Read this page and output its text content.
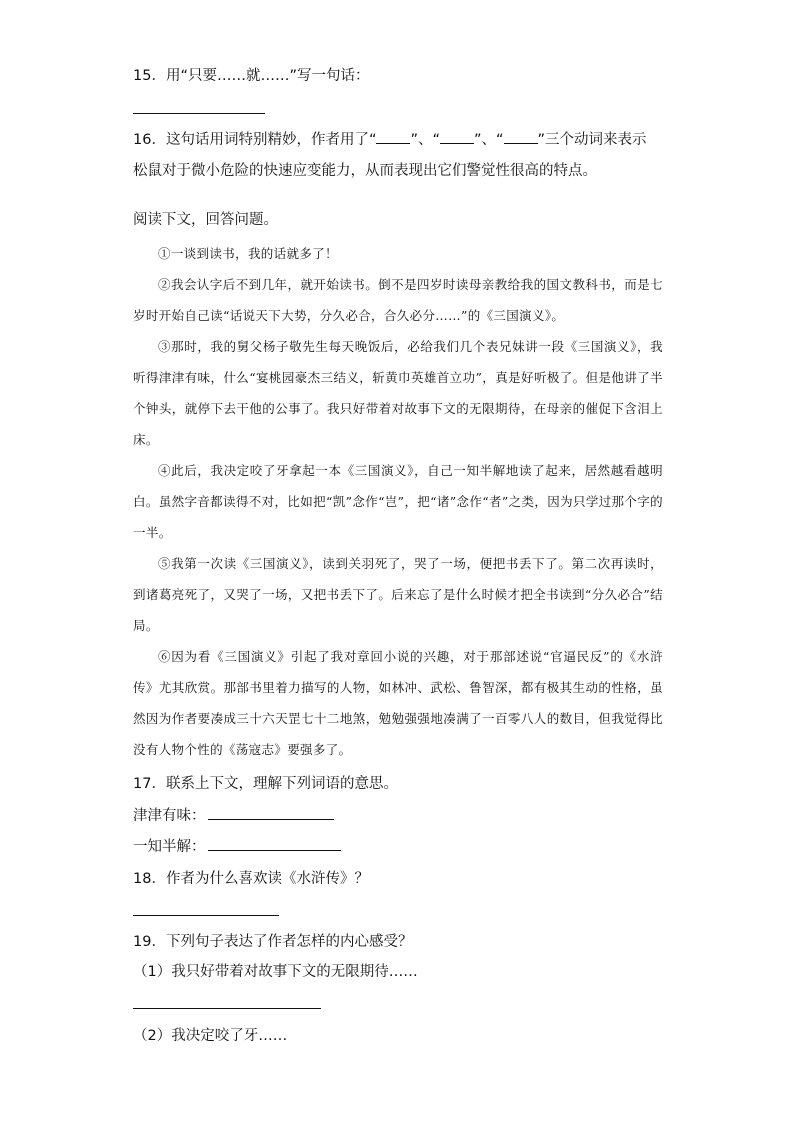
15．用“只要……就……”写一句话：
16．这句话用词特别精妙，作者用了“ ”、“ ”、“ ”三个动词来表示
松鼠对于微小危险的快速应变能力，从而表现出它们警觉性很高的特点。
阅读下文，回答问题。

①一谈到读书，我的话就多了！

②我会认字后不到几年，就开始读书。倒不是四岁时读母亲教给我的国文教科书，而是七岁时开始自己读“话说天下大势，分久必合，合久必分……”的《三国演义》。

③那时，我的舅父杨子敬先生每天晚饭后，必给我们几个表兄妹讲一段《三国演义》，我听得津津有味，什么“宴桃园豪杰三结义，斩黄巾英雄首立功”，真是好听极了。但是他讲了半个钟头，就停下去干他的公事了。我只好带着对故事下文的无限期待，在母亲的催促下含泪上床。

④此后，我决定咬了牙拿起一本《三国演义》，自己一知半解地读了起来，居然越看越明白。虽然字音都读得不对，比如把“凯”念作“岂”，把“诸”念作“者”之类，因为只学过那个字的一半。

⑤我第一次读《三国演义》，读到关羽死了，哭了一场，便把书丢下了。第二次再读时，到诸葛亮死了，又哭了一场，又把书丢下了。后来忘了是什么时候才把全书读到“分久必合”结局。

⑥因为看《三国演义》引起了我对章回小说的兴趣，对于那部述说“官逼民反”的《水浒传》尤其欣赏。那部书里着力描写的人物，如林冲、武松、鲁智深，都有极其生动的性格，虽然因为作者要凑成三十六天罡七十二地煞，勉勉强强地凑满了一百零八人的数目，但我觉得比没有人物个性的《荡寇志》要强多了。

17．联系上下文，理解下列词语的意思。
津津有味：
一知半解：
18．作者为什么喜欢读《水浒传》？
19．下列句子表达了作者怎样的内心感受？
（1）我只好带着对故事下文的无限期待……
（2）我决定咬了牙……
